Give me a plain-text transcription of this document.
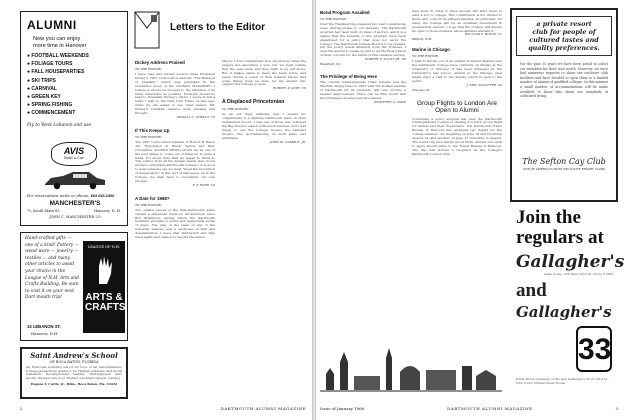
ALUMNI
Now you can enjoy
more time in Hanover
● FOOTBALL WEEKENDS
● FOLIAGE TOURS
● FALL HOUSEPARTIES
● SKI TRIPS
● CARNIVAL
● GREEN KEY
● SPRING FISHING
● COMMENCEMENT
Fly to West Lebanon and use
AVIS
Rent a Car
For reservations write or phone: 603 643-2300
MANCHESTER'S
72 South Main St.	Hanover, N. H.
JOHN C. MANCHESTER '35
Hand-crafted gifts — one of a kind! Pottery — wood-ware — jewelry — textiles ... and many other articles to await your choice in the League of N.H. Arts and Crafts Building. Be sure to visit it on your next Dart-mouth trip!
13 LEBANON ST.
Hanover, N.H.
LEAGUE OF N.H.
ARTS & CRAFTS
Saint Andrew's School
OF BOCA RATON, FLORIDA
An Episcopal boarding school for boys of all denominations. College preparatory, grades 7-12. Highest academic and moral standards. Developmental reading. Well-equipped labs. Sports. Olympic-size pool. Modern sun-filled campus. Catalog.
Eugene Y. Curtis, Jr., Hdm., Boca Raton, Fla. 33432
Letters to the Editor
Dickey Address Praised
TO THE EDITOR:
I have read and reread several times President Dickey's 1967 Convocation address "The Betrayal of Idealism," which was published in the November issue of the ALUMNI MAGAZINE. I believe it should be brought to the attention of as many Americans as possible. Excerpts should be read to President Dickey's critics. I quote in full a letter I sent to the New York Times. In this age, when we are asked to use clear reason, Mr. Dickey's remarks deserve wide reading and thought.
SEWALL C. STRAUT '16
If This Keeps Up
TO THE EDITOR:
The 1967 Convocation address of Robert B. Reich '68, 'Revolution in Black, Yellow and Red' (November ALUMNI NEWS) struck me as one of the best things to come out of Hanover in quite a while. It's about time that we began to listen to "the yelling from all the human beasts that crowd around comfortable Dartmouth College." It is good to hear someone say we must "meet the revolution of desperation." If this sort of talk keeps up in the College, we shall have to reconsider our own pledges.
F. P. FORD '54
A Date for 1968?
TO THE EDITOR:
The opinion pieces of the Vale-Dartmouth game remain a statement made by All-American since Bob McKinnon, during which the Dartmouth backfield provided a sound and memorable series of plays. The play of the team of any of the following seasons was a showcase of skill and determination. I hope that Dartmouth and Yale meet again next season to resolve the series.
Maybe I don't understand how psychology when the players are absorbing a loss, but we must realize that the year ends, and they want to be left alone. But it makes sense to keep the team active and ready. Surely a coach of their wisdom knows that some things must be done for the alumni who support the College so well.
ROBERT P. CORY '26
A Displaced Princetonian
TO THE EDITOR:
As an old Tiger alumnus, may I extend my compliments to a fighting Dartmouth team on their undefeated record. I was one of those who followed the Big Green's season with much interest, and I was happy to see the College receive the Lambert Trophy. The sportsmanship on both sides was admirable.
JOHN M. GAMBLE, JR.
2	DARTMOUTH ALUMNI MAGAZINE
Bond Program Assailed
TO THE EDITOR:
Over the Thanksgiving weekend two vast conspiracies were offering prizes to our students. The Dartmouth program had been built on ideas of service, and it is a shame that the benefits of this program have been abandoned for a policy that does not serve the College. The Dartmouth College Bond is to be praised, but the policy needs attention from the Trustees. I urge the alumni to speak up and to let the Board know of their concern for the future of this valuable service.
ROBERT F. SCOTT JR. '65
Westfield, N.J.
The Privilege of Being Here
The current Undergraduate Chair scheme and the Machlin dining rules in 1967 with the stuffed animals of Dartmouth for its students, will only provide a needed improvement. There can be little doubt that the privileges of being here are valued.
GEOFFREY V. ASHE
man must in order to have enough left after taxes to send a boy to college. This contribution is not limited to those who come from affluent families. In particular, for many the College will be an excellent investment in professional careers. I hope that the College will always be open to those students whose abilities warrant it.
WILLIAM F. BOYCE '37
Milford, N.H.
Marine in Chicago
TO THE EDITOR:
I wish to inform you of an exhibit on Daniel Webster and the Dartmouth College Case currently on display at the University of Chicago. It has been arranged by the University's law school. Alumni in the Chicago area might enjoy a visit to the display, which is open to the public.
J. ERIC STAUFFER '45
Chicago, Ill.
Group Flights to London Are Open to Alumni
Continuing a policy adopted last year, the Dartmouth Undergraduate Council is offering a London group flight for alumni and their dependents. The Dartmouth Travel Bureau in Hanover has arranged two flights for the coming summer: one departing on June 18 and returning August 14, and another on June 27 returning in August. The round trip fare will be about $250. Alumni who wish to apply should write to the Travel Bureau in Hanover. The trip will include a reception at the College's Dartmouth London Club.
a private resort
club for people of
cultured tastes and
quality preferences.
For the past 35 years we have been proud to select our members for their true worth. However, we have had numerous requests to share our exclusive club facilities and have decided to open them to a limited number of alumni of qualified colleges. In this manner a small number of accommodations will be made available to those who share our standards of cultivated living.
The Sefton Cay Club
ONE OF AMERICA'S MOST EXCLUSIVE RESORT CLUBS
Join the
regulars at
Gallagher's
steak house, 228 West 52nd St. Circle 5-5000
and Gallagher's
33
Eddie Dixon, manager of the new Gallagher's 33 on 33rd St., New York's Official Steak House
Issue of January 1968	DARTMOUTH ALUMNI MAGAZINE	3
